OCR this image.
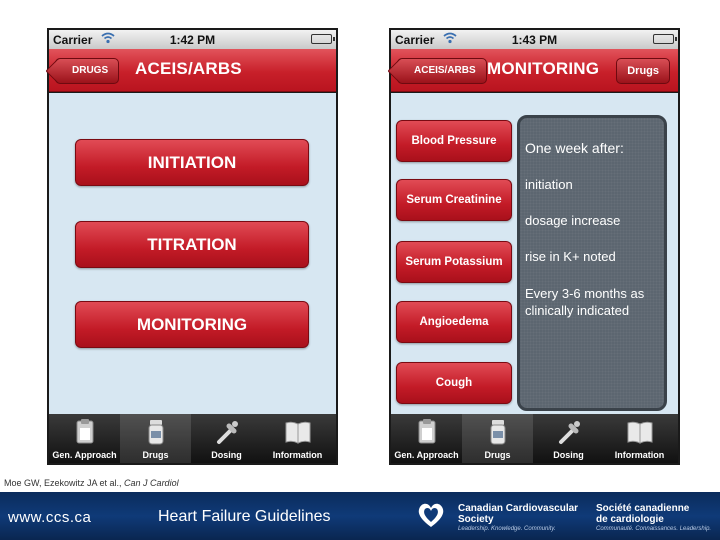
Carrier	1:42 PM
DRUGS	ACEIS/ARBS
INITIATION
TITRATION
MONITORING
Gen. Approach	Drugs	Dosing	Information
Carrier	1:43 PM
ACEIS/ARBS MONITORING	Drugs
Blood Pressure
Serum Creatinine
Serum Potassium
Angioedema
Cough
One week after:
initiation
dosage increase
rise in K+ noted
Every 3-6 months as
clinically indicated
Gen. Approach	Drugs	Dosing	Information
Moe GW, Ezekowitz JA et al., Can J Cardiol
www.ccs.ca	Heart Failure Guidelines	Canadian Cardiovascular
Society
Leadership. Knowledge. Community.
Société canadienne
de cardiologie
Communauté. Connaissances. Leadership.
